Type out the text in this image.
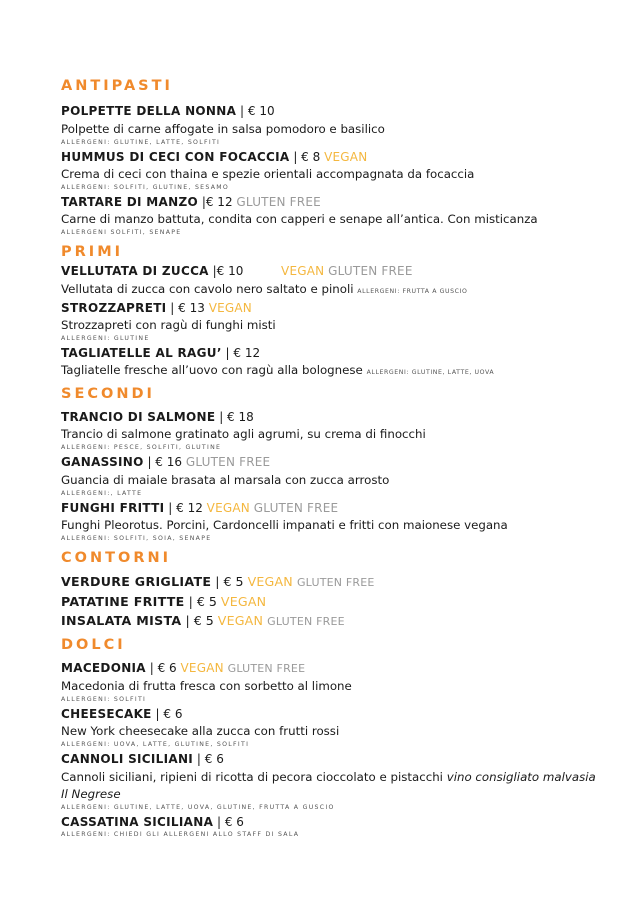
ANTIPASTI
POLPETTE DELLA NONNA | € 10

Polpette di carne affogate in salsa pomodoro e basilico

ALLERGENI: GLUTINE, LATTE, SOLFITI

HUMMUS DI CECI CON FOCACCIA | € 8 VEGAN

Crema di ceci con thaina e spezie orientali accompagnata da focaccia

ALLERGENI: SOLFITI, GLUTINE, SESAMO

TARTARE DI MANZO |€ 12 GLUTEN FREE

Carne di manzo battuta, condita con capperi e senape all’antica. Con misticanza

ALLERGENI SOLFITI, SENAPE

PRIMI
VELLUTATA DI ZUCCA |€ 10	VEGAN GLUTEN FREE

Vellutata di zucca con cavolo nero saltato e pinoli ALLERGENI: FRUTTA A GUSCIO

STROZZAPRETI | € 13 VEGAN

Strozzapreti con ragù di funghi misti

ALLERGENI: GLUTINE

TAGLIATELLE AL RAGU’ | € 12

Tagliatelle fresche all’uovo con ragù alla bolognese ALLERGENI: GLUTINE, LATTE, UOVA

SECONDI
TRANCIO DI SALMONE | € 18

Trancio di salmone gratinato agli agrumi, su crema di finocchi

ALLERGENI: PESCE, SOLFITI, GLUTINE

GANASSINO | € 16 GLUTEN FREE

Guancia di maiale brasata al marsala con zucca arrosto

ALLERGENI:, LATTE

FUNGHI FRITTI | € 12 VEGAN GLUTEN FREE

Funghi Pleorotus. Porcini, Cardoncelli impanati e fritti con maionese vegana

ALLERGENI: SOLFITI, SOIA, SENAPE

CONTORNI
VERDURE GRIGLIATE | € 5 VEGAN GLUTEN FREE
PATATINE FRITTE | € 5 VEGAN
INSALATA MISTA | € 5 VEGAN GLUTEN FREE
DOLCI
MACEDONIA | € 6 VEGAN GLUTEN FREE

Macedonia di frutta fresca con sorbetto al limone

ALLERGENI: SOLFITI

CHEESECAKE | € 6

New York cheesecake alla zucca con frutti rossi

ALLERGENI: UOVA, LATTE, GLUTINE, SOLFITI

CANNOLI SICILIANI | € 6

Cannoli siciliani, ripieni di ricotta di pecora cioccolato e pistacchi vino consigliato malvasia Il Negrese

ALLERGENI: GLUTINE, LATTE, UOVA, GLUTINE, FRUTTA A GUSCIO

CASSATINA SICILIANA | € 6

ALLERGENI: CHIEDI GLI ALLERGENI ALLO STAFF DI SALA
